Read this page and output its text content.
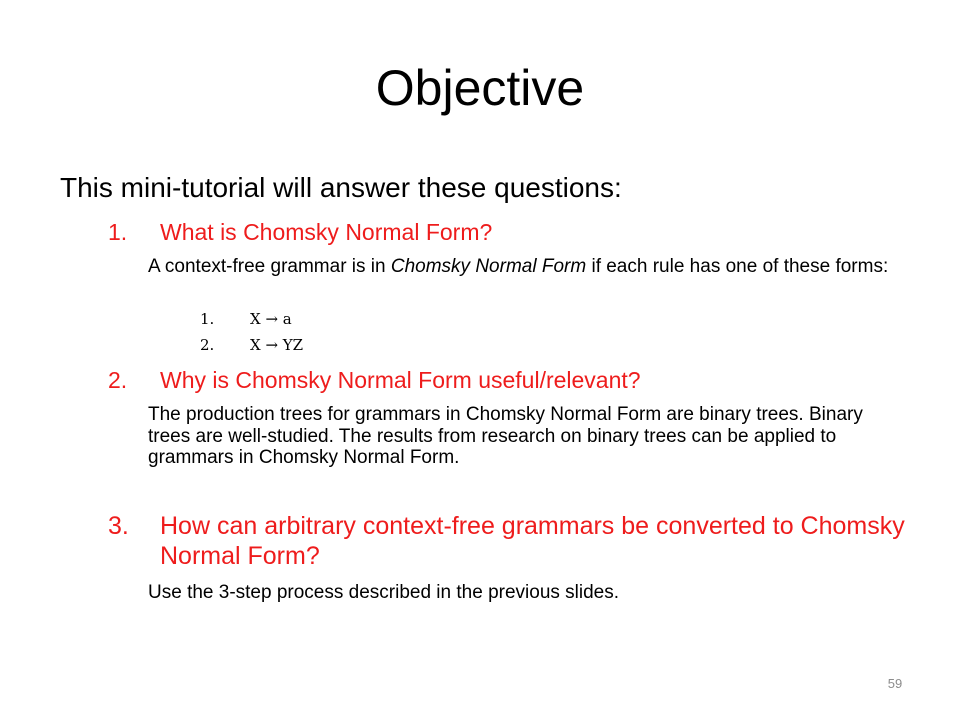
Objective
This mini-tutorial will answer these questions:
1.	What is Chomsky Normal Form?
A context-free grammar is in Chomsky Normal Form if each rule has one of these forms:
1. X → a
2. X → YZ
2.	Why is Chomsky Normal Form useful/relevant?
The production trees for grammars in Chomsky Normal Form are binary trees. Binary trees are well-studied. The results from research on binary trees can be applied to grammars in Chomsky Normal Form.
3.	How can arbitrary context-free grammars be converted to Chomsky Normal Form?
Use the 3-step process described in the previous slides.
59
